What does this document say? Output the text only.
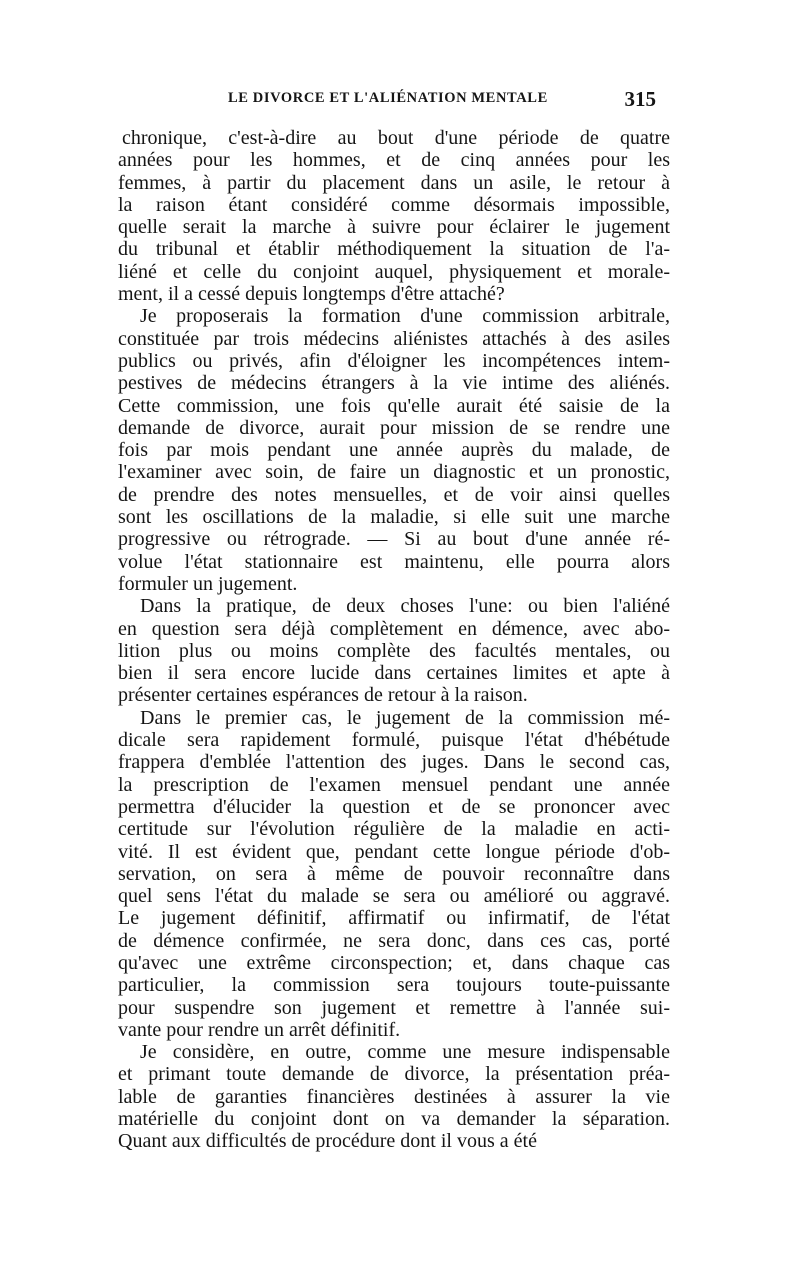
LE DIVORCE ET L'ALIÉNATION MENTALE	315
chronique, c'est-à-dire au bout d'une période de quatre
années pour les hommes, et de cinq années pour les
femmes, à partir du placement dans un asile, le retour à
la raison étant considéré comme désormais impossible,
quelle serait la marche à suivre pour éclairer le jugement
du tribunal et établir méthodiquement la situation de l'a-
liéné et celle du conjoint auquel, physiquement et morale-
ment, il a cessé depuis longtemps d'être attaché?
Je proposerais la formation d'une commission arbitrale,
constituée par trois médecins aliénistes attachés à des asiles
publics ou privés, afin d'éloigner les incompétences intem-
pestives de médecins étrangers à la vie intime des aliénés.
Cette commission, une fois qu'elle aurait été saisie de la
demande de divorce, aurait pour mission de se rendre une
fois par mois pendant une année auprès du malade, de
l'examiner avec soin, de faire un diagnostic et un pronostic,
de prendre des notes mensuelles, et de voir ainsi quelles
sont les oscillations de la maladie, si elle suit une marche
progressive ou rétrograde. — Si au bout d'une année ré-
volue l'état stationnaire est maintenu, elle pourra alors
formuler un jugement.
Dans la pratique, de deux choses l'une: ou bien l'aliéné
en question sera déjà complètement en démence, avec abo-
lition plus ou moins complète des facultés mentales, ou
bien il sera encore lucide dans certaines limites et apte à
présenter certaines espérances de retour à la raison.
Dans le premier cas, le jugement de la commission mé-
dicale sera rapidement formulé, puisque l'état d'hébétude
frappera d'emblée l'attention des juges. Dans le second cas,
la prescription de l'examen mensuel pendant une année
permettra d'élucider la question et de se prononcer avec
certitude sur l'évolution régulière de la maladie en acti-
vité. Il est évident que, pendant cette longue période d'ob-
servation, on sera à même de pouvoir reconnaître dans
quel sens l'état du malade se sera ou amélioré ou aggravé.
Le jugement définitif, affirmatif ou infirmatif, de l'état
de démence confirmée, ne sera donc, dans ces cas, porté
qu'avec une extrême circonspection; et, dans chaque cas
particulier, la commission sera toujours toute-puissante
pour suspendre son jugement et remettre à l'année sui-
vante pour rendre un arrêt définitif.
Je considère, en outre, comme une mesure indispensable
et primant toute demande de divorce, la présentation préa-
lable de garanties financières destinées à assurer la vie
matérielle du conjoint dont on va demander la séparation.
Quant aux difficultés de procédure dont il vous a été
